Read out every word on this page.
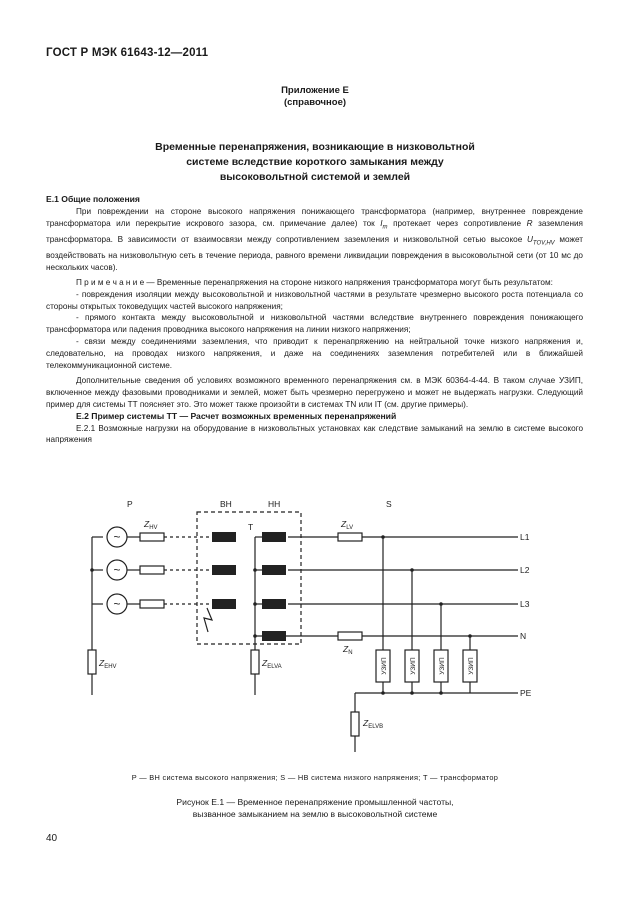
ГОСТ Р МЭК 61643-12—2011
Приложение Е
(справочное)
Временные перенапряжения, возникающие в низковольтной
системе вследствие короткого замыкания между
высоковольтной системой и землей
Е.1 Общие положения

При повреждении на стороне высокого напряжения понижающего трансформатора (например, внутреннее повреждение трансформатора или перекрытие искрового зазора, см. примечание далее) ток $I_m$ протекает через сопротивление R заземления трансформатора. В зависимости от взаимосвязи между сопротивлением заземления и низковольтной сетью высокое $U_{TOV,HV}$ может воздействовать на низковольтную сеть в течение периода, равного времени ликвидации повреждения в высоковольтной сети (от 10 мс до нескольких часов).

П р и м е ч а н и е — Временные перенапряжения на стороне низкого напряжения трансформатора могут быть результатом:

- повреждения изоляции между высоковольтной и низковольтной частями в результате чрезмерно высокого роста потенциала со стороны открытых токоведущих частей высокого напряжения;

- прямого контакта между высоковольтной и низковольтной частями вследствие внутреннего повреждения понижающего трансформатора или падения проводника высокого напряжения на линии низкого напряжения;

- связи между соединениями заземления, что приводит к перенапряжению на нейтральной точке низкого напряжения и, следовательно, на проводах низкого напряжения, и даже на соединениях заземления потребителей или в ближайшей телекоммуникационной системе.

Дополнительные сведения об условиях возможного временного перенапряжения см. в МЭК 60364-4-44. В таком случае УЗИП, включенное между фазовыми проводниками и землей, может быть чрезмерно перегружено и может не выдержать нагрузки. Следующий пример для системы ТТ поясняет это. Это может также произойти в системах TN или IT (см. другие примеры).

Е.2 Пример системы ТТ — Расчет возможных временных перенапряжений

Е.2.1 Возможные нагрузки на оборудование в низковольтных установках как следствие замыканий на землю в системе высокого напряжения

~
~
~
P	ВН	НН	S
T
L1
L2
L3
N
PE
$Z_{HV}$	$Z_{LV}$
$Z_N$
$Z_{EHV}$	$Z_{ELVA}$
$Z_{ELVB}$
УЗИП	УЗИП	УЗИП	УЗИП
P — BH система высокого напряжения; S — HB система низкого напряжения; T — трансформатор
Рисунок Е.1 — Временное перенапряжение промышленной частоты,
вызванное замыканием на землю в высоковольтной системе
40
